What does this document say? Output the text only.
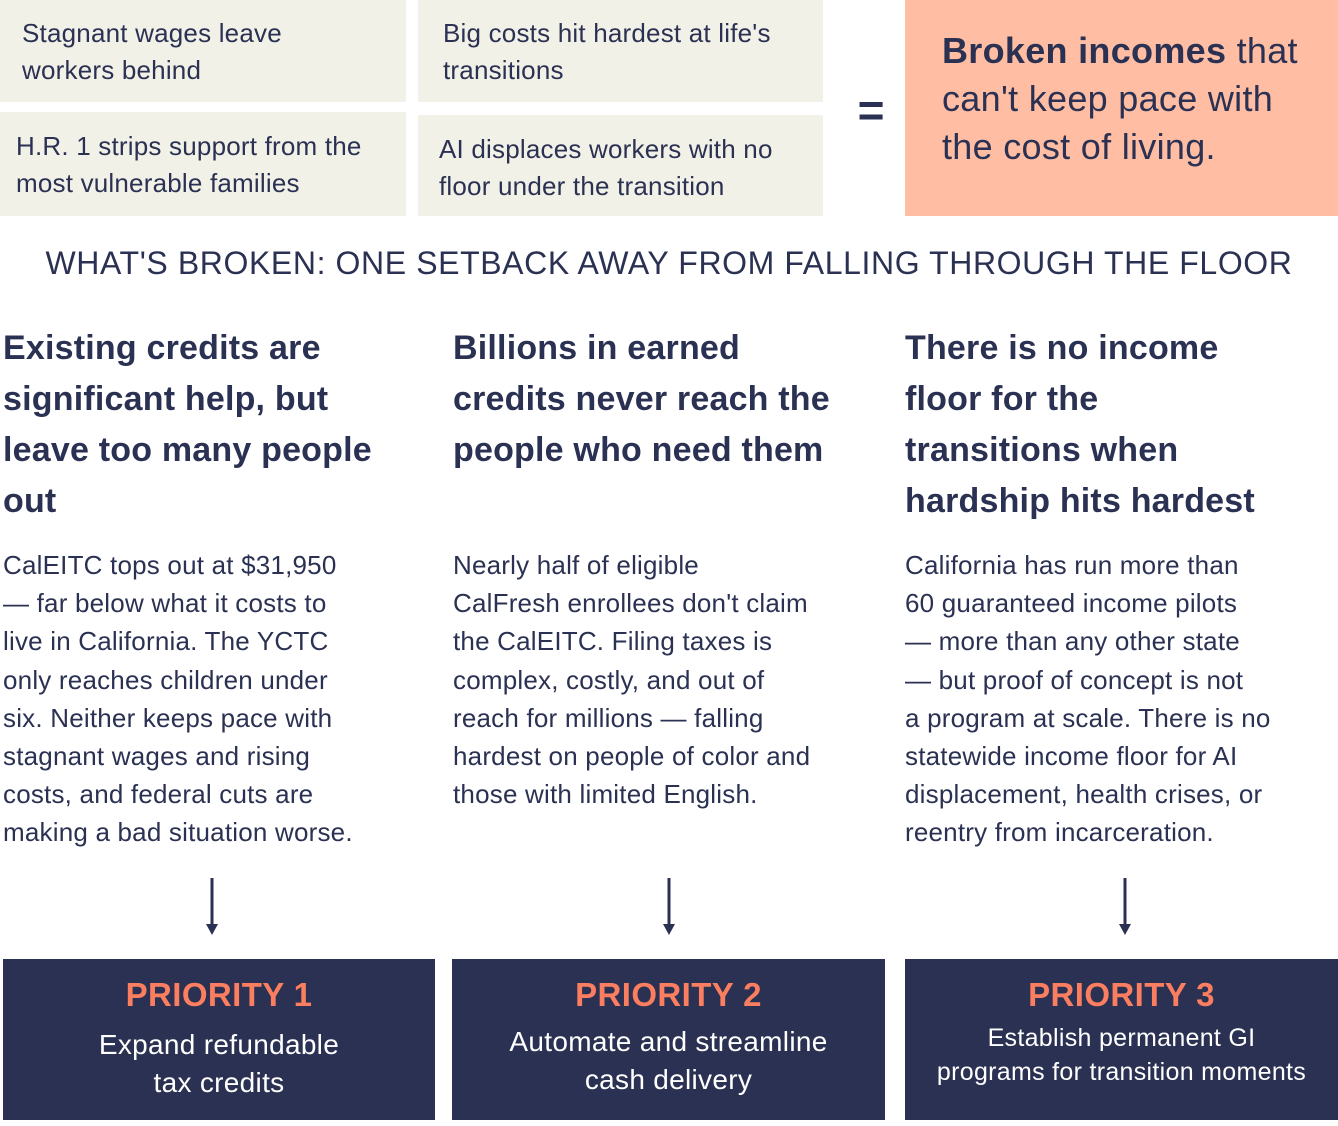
Stagnant wages leave
workers behind
Big costs hit hardest at life's
transitions
H.R. 1 strips support from the
most vulnerable families
AI displaces workers with no
floor under the transition
=
Broken incomes that
can't keep pace with
the cost of living.
WHAT'S BROKEN: ONE SETBACK AWAY FROM FALLING THROUGH THE FLOOR
Existing credits are
significant help, but
leave too many people
out
CalEITC tops out at $31,950
— far below what it costs to
live in California. The YCTC
only reaches children under
six. Neither keeps pace with
stagnant wages and rising
costs, and federal cuts are
making a bad situation worse.
Billions in earned
credits never reach the
people who need them
Nearly half of eligible
CalFresh enrollees don't claim
the CalEITC. Filing taxes is
complex, costly, and out of
reach for millions — falling
hardest on people of color and
those with limited English.
There is no income
floor for the
transitions when
hardship hits hardest
California has run more than
60 guaranteed income pilots
— more than any other state
— but proof of concept is not
a program at scale. There is no
statewide income floor for AI
displacement, health crises, or
reentry from incarceration.
PRIORITY 1
Expand refundable
tax credits
PRIORITY 2
Automate and streamline
cash delivery
PRIORITY 3
Establish permanent GI
programs for transition moments
